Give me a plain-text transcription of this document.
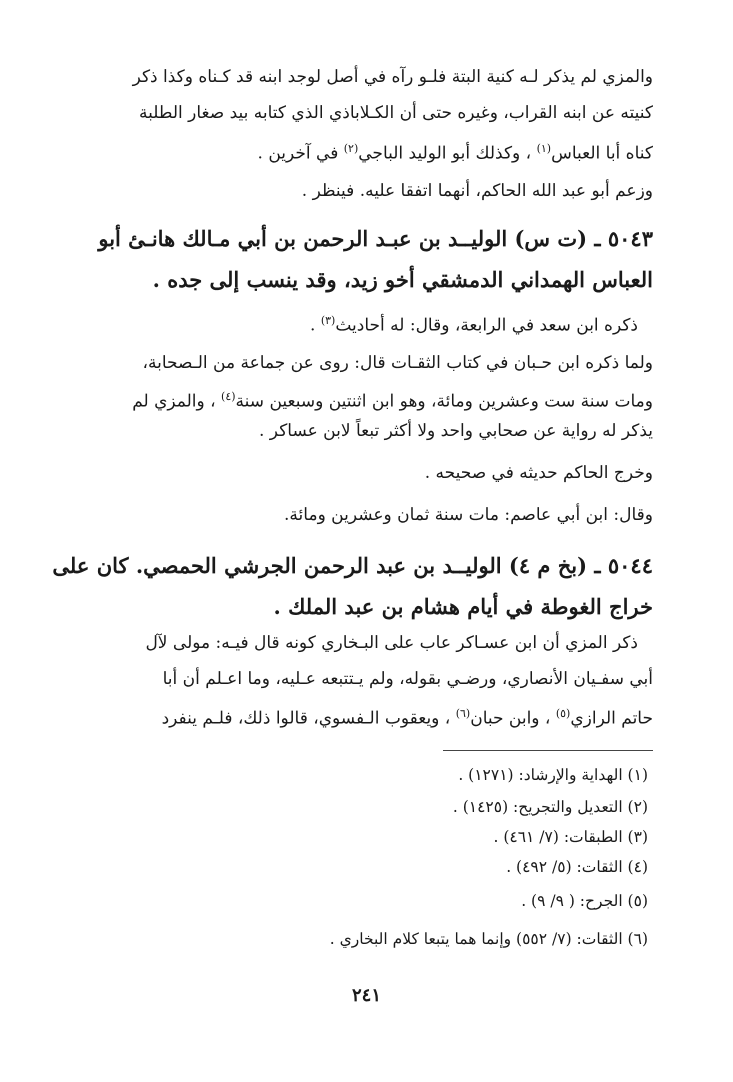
والمزي لم يذكر لـه كنية البتة فلـو رآه في أصل لوجد ابنه قد كـناه وكذا ذكر
كنيته عن ابنه القراب، وغيره حتى أن الكـلاباذي الذي كتابه بيد صغار الطلبة
كناه أبا العباس$^{(١)}$ ، وكذلك أبو الوليد الباجي$^{(٢)}$ في آخرين .
وزعم أبو عبد الله الحاكم، أنهما اتفقا عليه. فينظر .
٥٠٤٣ ـ (ت س) الوليــد بن عبـد الرحمن بن أبي مـالك هانـئ أبو
العباس الهمداني الدمشقي أخو زيد، وقد ينسب إلى جده .
ذكره ابن سعد في الرابعة، وقال: له أحاديث$^{(٣)}$ .
ولما ذكره ابن حـبان في كتاب الثقـات قال: روى عن جماعة من الـصحابة،
ومات سنة ست وعشرين ومائة، وهو ابن اثنتين وسبعين سنة$^{(٤)}$ ، والمزي لم
يذكر له رواية عن صحابي واحد ولا أكثر تبعاً لابن عساكر .
وخرج الحاكم حديثه في صحيحه .
وقال: ابن أبي عاصم: مات سنة ثمان وعشرين ومائة.
٥٠٤٤ ـ (بخ م ٤) الوليــد بن عبد الرحمن الجرشي الحمصي. كان على
خراج الغوطة في أيام هشام بن عبد الملك .
ذكر المزي أن ابن عسـاكر عاب على البـخاري كونه قال فيـه: مولى لآل
أبي سفـيان الأنصاري، ورضـي بقوله، ولم يـتتبعه عـليه، وما اعـلم أن أبا
حاتم الرازي$^{(٥)}$ ، وابن حبان$^{(٦)}$ ، ويعقوب الـفسوي، قالوا ذلك، فلـم ينفرد
(١) الهداية والإرشاد: (١٢٧١) .
(٢) التعديل والتجريح: (١٤٢٥) .
(٣) الطبقات: (٧/ ٤٦١) .
(٤) الثقات: (٥/ ٤٩٢) .
(٥) الجرح: ( ٩/ ٩) .
(٦) الثقات: (٧/ ٥٥٢) وإنما هما يتبعا كلام البخاري .
٢٤١
